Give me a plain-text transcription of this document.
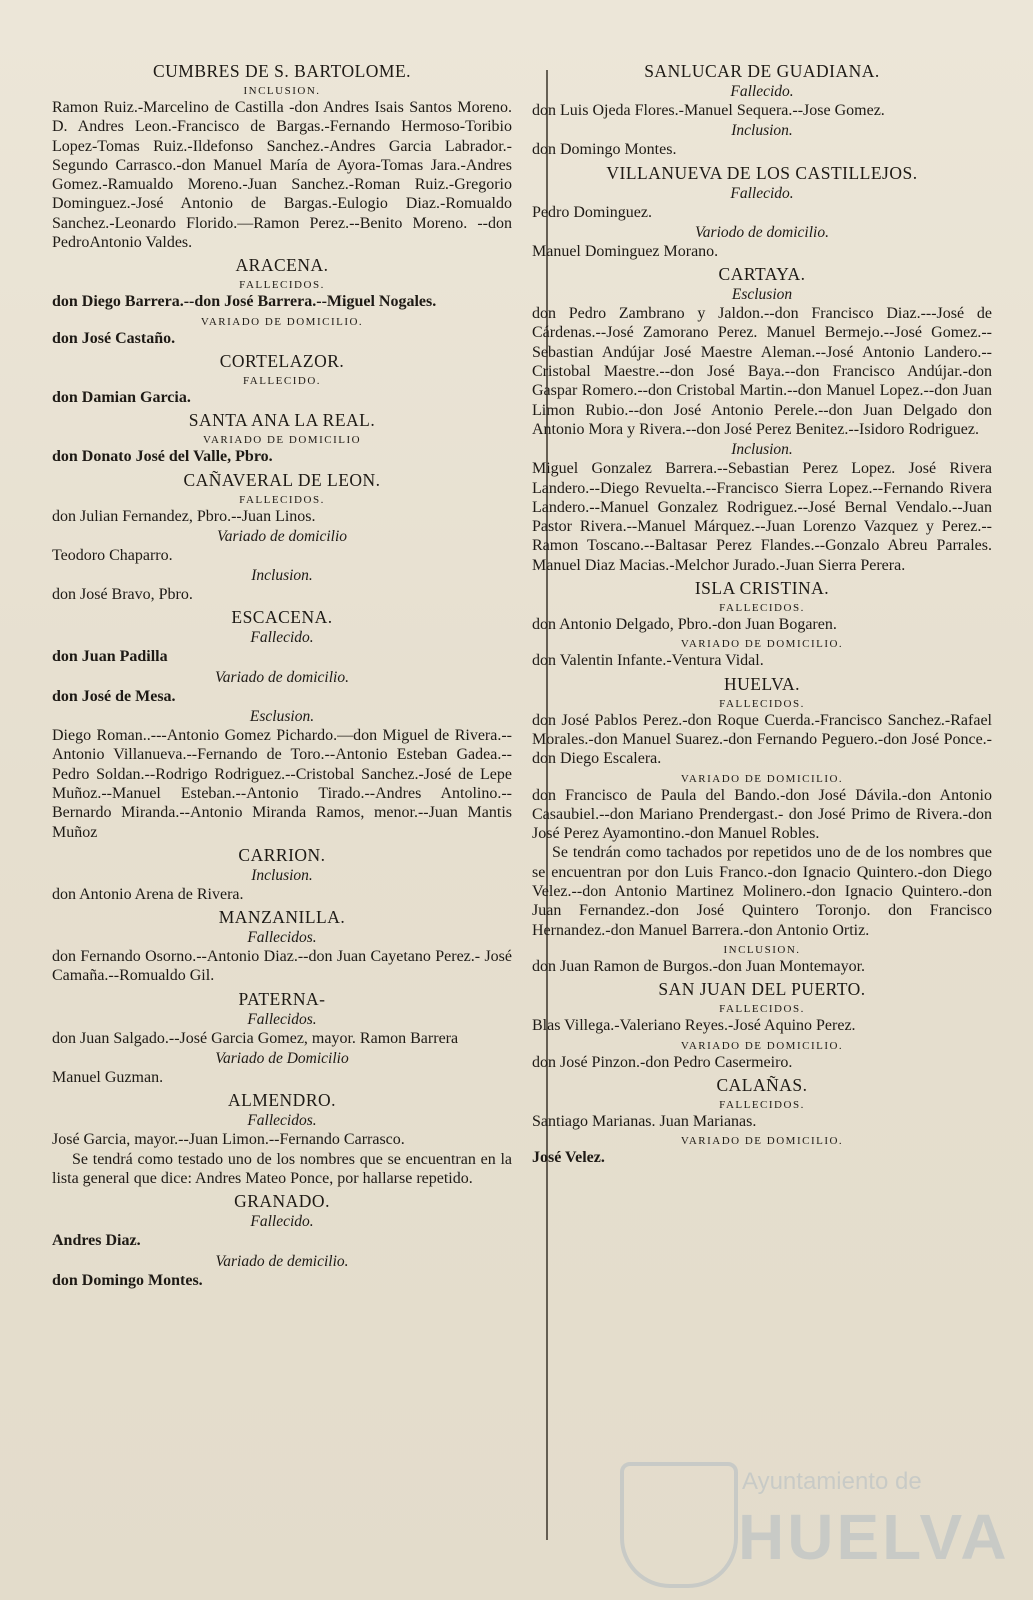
CUMBRES DE S. BARTOLOME.
INCLUSION.
Ramon Ruiz.-Marcelino de Castilla -don Andres Isais Santos Moreno. D. Andres Leon.-Francisco de Bargas.-Fernando Hermoso-Toribio Lopez-Tomas Ruiz.-Ildefonso Sanchez.-Andres Garcia Labrador.-Segundo Carrasco.-don Manuel María de Ayora-Tomas Jara.-Andres Gomez.-Ramualdo Moreno.-Juan Sanchez.-Roman Ruiz.-Gregorio Dominguez.-José Antonio de Bargas.-Eulogio Diaz.-Romualdo Sanchez.-Leonardo Florido.—Ramon Perez.--Benito Moreno. --don PedroAntonio Valdes.
ARACENA.
FALLECIDOS.
don Diego Barrera.--don José Barrera.--Miguel Nogales.
VARIADO DE DOMICILIO.
don José Castaño.
CORTELAZOR.
FALLECIDO.
don Damian Garcia.
SANTA ANA LA REAL.
VARIADO DE DOMICILIO
don Donato José del Valle, Pbro.
CAÑAVERAL DE LEON.
FALLECIDOS.
don Julian Fernandez, Pbro.--Juan Linos.
Variado de domicilio
Teodoro Chaparro.
Inclusion.
don José Bravo, Pbro.
ESCACENA.
Fallecido.
don Juan Padilla
Variado de domicilio.
don José de Mesa.
Esclusion.
Diego Roman..---Antonio Gomez Pichardo.—don Miguel de Rivera.--Antonio Villanueva.--Fernando de Toro.--Antonio Esteban Gadea.--Pedro Soldan.--Rodrigo Rodriguez.--Cristobal Sanchez.-José de Lepe Muñoz.--Manuel Esteban.--Antonio Tirado.--Andres Antolino.--Bernardo Miranda.--Antonio Miranda Ramos, menor.--Juan Mantis Muñoz
CARRION.
Inclusion.
don Antonio Arena de Rivera.
MANZANILLA.
Fallecidos.
don Fernando Osorno.--Antonio Diaz.--don Juan Cayetano Perez.- José Camaña.--Romualdo Gil.
PATERNA-
Fallecidos.
don Juan Salgado.--José Garcia Gomez, mayor. Ramon Barrera
Variado de Domicilio
Manuel Guzman.
ALMENDRO.
Fallecidos.
José Garcia, mayor.--Juan Limon.--Fernando Carrasco.
Se tendrá como testado uno de los nombres que se encuentran en la lista general que dice: Andres Mateo Ponce, por hallarse repetido.
GRANADO.
Fallecido.
Andres Diaz.
Variado de demicilio.
don Domingo Montes.
SANLUCAR DE GUADIANA.
Fallecido.
don Luis Ojeda Flores.-Manuel Sequera.--Jose Gomez.
Inclusion.
don Domingo Montes.
VILLANUEVA DE LOS CASTILLEJOS.
Fallecido.
Pedro Dominguez.
Variodo de domicilio.
Manuel Dominguez Morano.
CARTAYA.
Esclusion
don Pedro Zambrano y Jaldon.--don Francisco Diaz.---José de Cárdenas.--José Zamorano Perez. Manuel Bermejo.--José Gomez.--Sebastian Andújar José Maestre Aleman.--José Antonio Landero.--Cristobal Maestre.--don José Baya.--don Francisco Andújar.-don Gaspar Romero.--don Cristobal Martin.--don Manuel Lopez.--don Juan Limon Rubio.--don José Antonio Perele.--don Juan Delgado don Antonio Mora y Rivera.--don José Perez Benitez.--Isidoro Rodriguez.
Inclusion.
Miguel Gonzalez Barrera.--Sebastian Perez Lopez. José Rivera Landero.--Diego Revuelta.--Francisco Sierra Lopez.--Fernando Rivera Landero.--Manuel Gonzalez Rodriguez.--José Bernal Vendalo.--Juan Pastor Rivera.--Manuel Márquez.--Juan Lorenzo Vazquez y Perez.--Ramon Toscano.--Baltasar Perez Flandes.--Gonzalo Abreu Parrales. Manuel Diaz Macias.-Melchor Jurado.-Juan Sierra Perera.
ISLA CRISTINA.
FALLECIDOS.
don Antonio Delgado, Pbro.-don Juan Bogaren.
VARIADO DE DOMICILIO.
don Valentin Infante.-Ventura Vidal.
HUELVA.
FALLECIDOS.
don José Pablos Perez.-don Roque Cuerda.-Francisco Sanchez.-Rafael Morales.-don Manuel Suarez.-don Fernando Peguero.-don José Ponce.-don Diego Escalera.
VARIADO DE DOMICILIO.
don Francisco de Paula del Bando.-don José Dávila.-don Antonio Casaubiel.--don Mariano Prendergast.- don José Primo de Rivera.-don José Perez Ayamontino.-don Manuel Robles.
Se tendrán como tachados por repetidos uno de de los nombres que se encuentran por don Luis Franco.-don Ignacio Quintero.-don Diego Velez.--don Antonio Martinez Molinero.-don Ignacio Quintero.-don Juan Fernandez.-don José Quintero Toronjo. don Francisco Hernandez.-don Manuel Barrera.-don Antonio Ortiz.
INCLUSION.
don Juan Ramon de Burgos.-don Juan Montemayor.
SAN JUAN DEL PUERTO.
FALLECIDOS.
Blas Villega.-Valeriano Reyes.-José Aquino Perez.
VARIADO DE DOMICILIO.
don José Pinzon.-don Pedro Casermeiro.
CALAÑAS.
FALLECIDOS.
Santiago Marianas. Juan Marianas.
VARIADO DE DOMICILIO.
José Velez.
Ayuntamiento de
HUELVA
